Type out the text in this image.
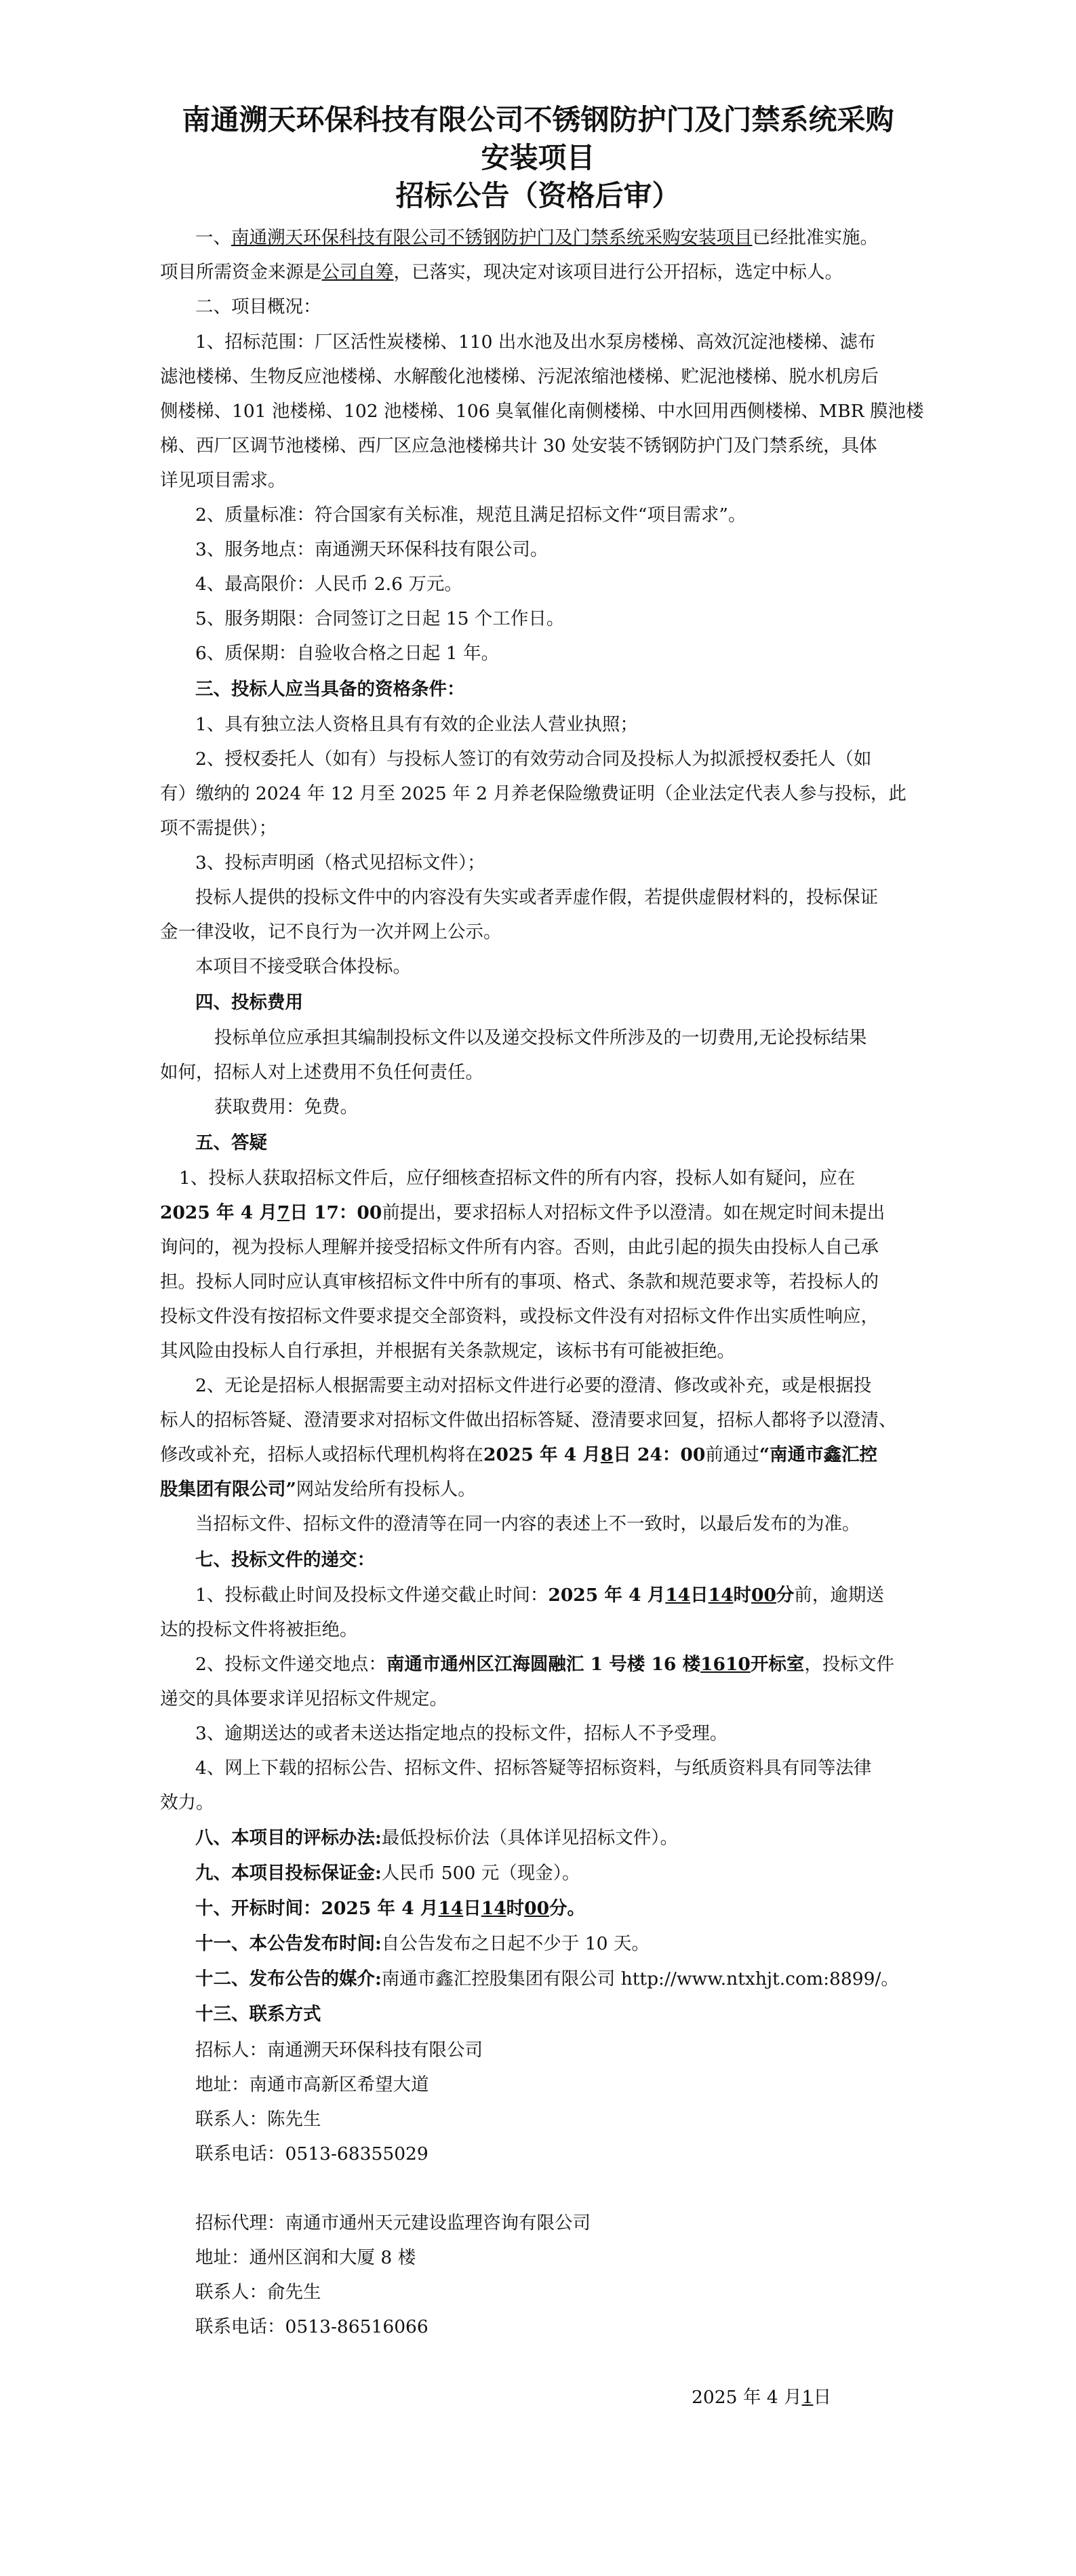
南通溯天环保科技有限公司不锈钢防护门及门禁系统采购
安装项目
招标公告（资格后审）
一、南通溯天环保科技有限公司不锈钢防护门及门禁系统采购安装项目已经批准实施。
项目所需资金来源是公司自筹，已落实，现决定对该项目进行公开招标，选定中标人。
二、项目概况：
1、招标范围：厂区活性炭楼梯、110 出水池及出水泵房楼梯、高效沉淀池楼梯、滤布
滤池楼梯、生物反应池楼梯、水解酸化池楼梯、污泥浓缩池楼梯、贮泥池楼梯、脱水机房后
侧楼梯、101 池楼梯、102 池楼梯、106 臭氧催化南侧楼梯、中水回用西侧楼梯、MBR 膜池楼
梯、西厂区调节池楼梯、西厂区应急池楼梯共计 30 处安装不锈钢防护门及门禁系统，具体
详见项目需求。
2、质量标准：符合国家有关标准，规范且满足招标文件“项目需求”。
3、服务地点：南通溯天环保科技有限公司。
4、最高限价：人民币 2.6 万元。
5、服务期限：合同签订之日起 15 个工作日。
6、质保期：自验收合格之日起 1 年。
三、投标人应当具备的资格条件：
1、具有独立法人资格且具有有效的企业法人营业执照；
2、授权委托人（如有）与投标人签订的有效劳动合同及投标人为拟派授权委托人（如
有）缴纳的 2024 年 12 月至 2025 年 2 月养老保险缴费证明（企业法定代表人参与投标，此
项不需提供）；
3、投标声明函（格式见招标文件）；
投标人提供的投标文件中的内容没有失实或者弄虚作假，若提供虚假材料的，投标保证
金一律没收，记不良行为一次并网上公示。
本项目不接受联合体投标。
四、投标费用
投标单位应承担其编制投标文件以及递交投标文件所涉及的一切费用,无论投标结果
如何，招标人对上述费用不负任何责任。
获取费用：免费。
五、答疑
1、投标人获取招标文件后，应仔细核查招标文件的所有内容，投标人如有疑问，应在
2025 年 4 月7日 17：00前提出，要求招标人对招标文件予以澄清。如在规定时间未提出
询问的，视为投标人理解并接受招标文件所有内容。否则，由此引起的损失由投标人自己承
担。投标人同时应认真审核招标文件中所有的事项、格式、条款和规范要求等，若投标人的
投标文件没有按招标文件要求提交全部资料，或投标文件没有对招标文件作出实质性响应，
其风险由投标人自行承担，并根据有关条款规定，该标书有可能被拒绝。
2、无论是招标人根据需要主动对招标文件进行必要的澄清、修改或补充，或是根据投
标人的招标答疑、澄清要求对招标文件做出招标答疑、澄清要求回复，招标人都将予以澄清、
修改或补充，招标人或招标代理机构将在2025 年 4 月8日 24：00前通过“南通市鑫汇控
股集团有限公司”网站发给所有投标人。
当招标文件、招标文件的澄清等在同一内容的表述上不一致时，以最后发布的为准。
七、投标文件的递交：
1、投标截止时间及投标文件递交截止时间：2025 年 4 月14日14时00分前，逾期送
达的投标文件将被拒绝。
2、投标文件递交地点：南通市通州区江海圆融汇 1 号楼 16 楼1610开标室，投标文件
递交的具体要求详见招标文件规定。
3、逾期送达的或者未送达指定地点的投标文件，招标人不予受理。
4、网上下载的招标公告、招标文件、招标答疑等招标资料，与纸质资料具有同等法律
效力。
八、本项目的评标办法:最低投标价法（具体详见招标文件）。
九、本项目投标保证金:人民币 500 元（现金）。
十、开标时间：2025 年 4 月14日14时00分。
十一、本公告发布时间:自公告发布之日起不少于 10 天。
十二、发布公告的媒介:南通市鑫汇控股集团有限公司 http://www.ntxhjt.com:8899/。
十三、联系方式
招标人：南通溯天环保科技有限公司
地址：南通市高新区希望大道
联系人：陈先生
联系电话：0513-68355029
招标代理：南通市通州天元建设监理咨询有限公司
地址：通州区润和大厦 8 楼
联系人：俞先生
联系电话：0513-86516066
2025 年 4 月1日
